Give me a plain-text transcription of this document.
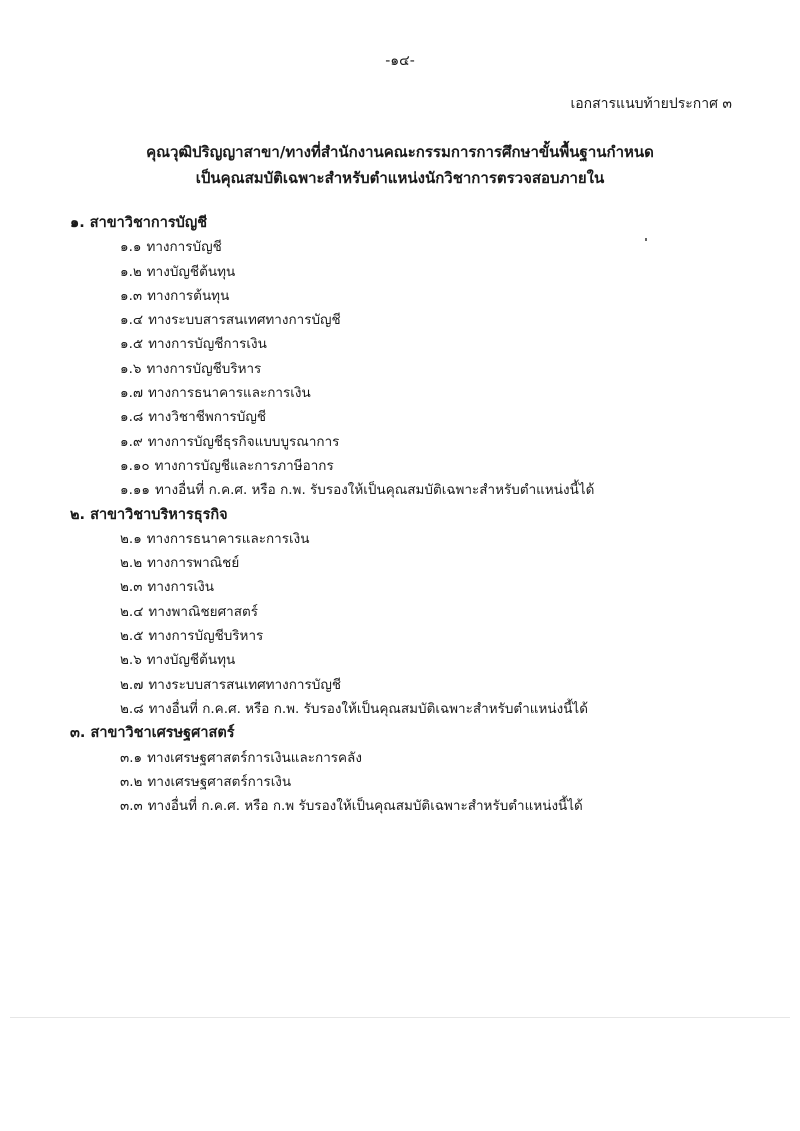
-๑๔-
เอกสารแนบท้ายประกาศ ๓
คุณวุฒิปริญญาสาขา/ทางที่สำนักงานคณะกรรมการการศึกษาขั้นพื้นฐานกำหนด
เป็นคุณสมบัติเฉพาะสำหรับตำแหน่งนักวิชาการตรวจสอบภายใน
๑. สาขาวิชาการบัญชี
๑.๑ ทางการบัญชี
๑.๒ ทางบัญชีต้นทุน
๑.๓ ทางการต้นทุน
๑.๔ ทางระบบสารสนเทศทางการบัญชี
๑.๕ ทางการบัญชีการเงิน
๑.๖ ทางการบัญชีบริหาร
๑.๗ ทางการธนาคารและการเงิน
๑.๘ ทางวิชาชีพการบัญชี
๑.๙ ทางการบัญชีธุรกิจแบบบูรณาการ
๑.๑๐ ทางการบัญชีและการภาษีอากร
๑.๑๑ ทางอื่นที่ ก.ค.ศ. หรือ ก.พ. รับรองให้เป็นคุณสมบัติเฉพาะสำหรับตำแหน่งนี้ได้
๒. สาขาวิชาบริหารธุรกิจ
๒.๑ ทางการธนาคารและการเงิน
๒.๒ ทางการพาณิชย์
๒.๓ ทางการเงิน
๒.๔ ทางพาณิชยศาสตร์
๒.๕ ทางการบัญชีบริหาร
๒.๖ ทางบัญชีต้นทุน
๒.๗ ทางระบบสารสนเทศทางการบัญชี
๒.๘ ทางอื่นที่ ก.ค.ศ. หรือ ก.พ. รับรองให้เป็นคุณสมบัติเฉพาะสำหรับตำแหน่งนี้ได้
๓. สาขาวิชาเศรษฐศาสตร์
๓.๑ ทางเศรษฐศาสตร์การเงินและการคลัง
๓.๒ ทางเศรษฐศาสตร์การเงิน
๓.๓ ทางอื่นที่ ก.ค.ศ. หรือ ก.พ รับรองให้เป็นคุณสมบัติเฉพาะสำหรับตำแหน่งนี้ได้
